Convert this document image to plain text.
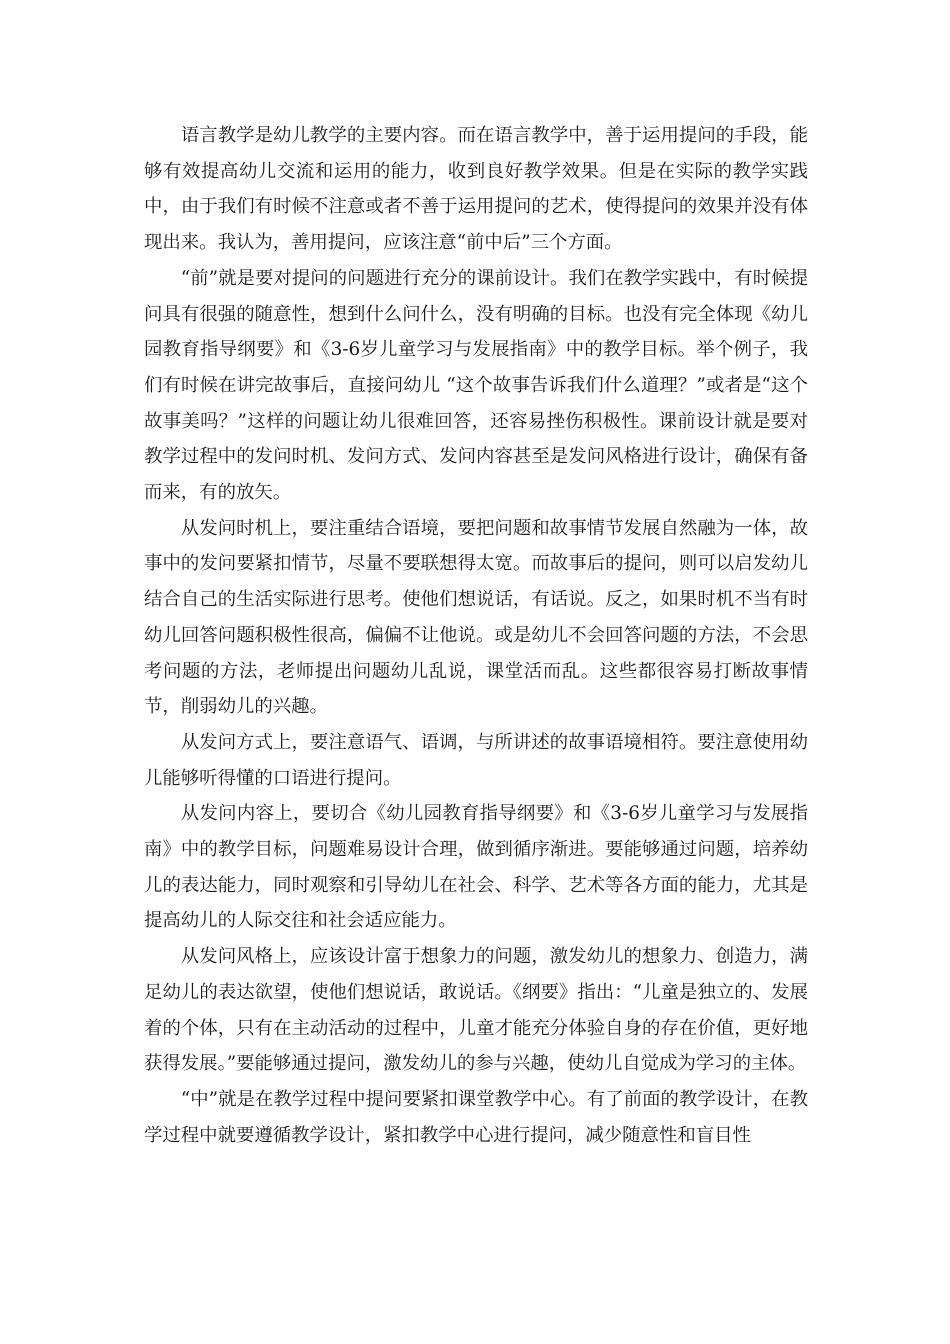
语言教学是幼儿教学的主要内容。而在语言教学中，善于运用提问的手段，能够有效提高幼儿交流和运用的能力，收到良好教学效果。但是在实际的教学实践中，由于我们有时候不注意或者不善于运用提问的艺术，使得提问的效果并没有体现出来。我认为，善用提问，应该注意“前中后”三个方面。

“前”就是要对提问的问题进行充分的课前设计。我们在教学实践中，有时候提问具有很强的随意性，想到什么问什么，没有明确的目标。也没有完全体现《幼儿园教育指导纲要》和《3-6岁儿童学习与发展指南》中的教学目标。举个例子，我们有时候在讲完故事后，直接问幼儿 “这个故事告诉我们什么道理？”或者是“这个故事美吗？”这样的问题让幼儿很难回答，还容易挫伤积极性。课前设计就是要对教学过程中的发问时机、发问方式、发问内容甚至是发问风格进行设计，确保有备而来，有的放矢。

从发问时机上，要注重结合语境，要把问题和故事情节发展自然融为一体，故事中的发问要紧扣情节，尽量不要联想得太宽。而故事后的提问，则可以启发幼儿结合自己的生活实际进行思考。使他们想说话，有话说。反之，如果时机不当有时幼儿回答问题积极性很高，偏偏不让他说。或是幼儿不会回答问题的方法，不会思考问题的方法，老师提出问题幼儿乱说，课堂活而乱。这些都很容易打断故事情节，削弱幼儿的兴趣。

从发问方式上，要注意语气、语调，与所讲述的故事语境相符。要注意使用幼儿能够听得懂的口语进行提问。

从发问内容上，要切合《幼儿园教育指导纲要》和《3-6岁儿童学习与发展指南》中的教学目标，问题难易设计合理，做到循序渐进。要能够通过问题，培养幼儿的表达能力，同时观察和引导幼儿在社会、科学、艺术等各方面的能力，尤其是提高幼儿的人际交往和社会适应能力。

从发问风格上，应该设计富于想象力的问题，激发幼儿的想象力、创造力，满足幼儿的表达欲望，使他们想说话，敢说话。《纲要》指出：“儿童是独立的、发展着的个体，只有在主动活动的过程中，儿童才能充分体验自身的存在价值，更好地获得发展。”要能够通过提问，激发幼儿的参与兴趣，使幼儿自觉成为学习的主体。

“中”就是在教学过程中提问要紧扣课堂教学中心。有了前面的教学设计，在教学过程中就要遵循教学设计，紧扣教学中心进行提问，减少随意性和盲目性
